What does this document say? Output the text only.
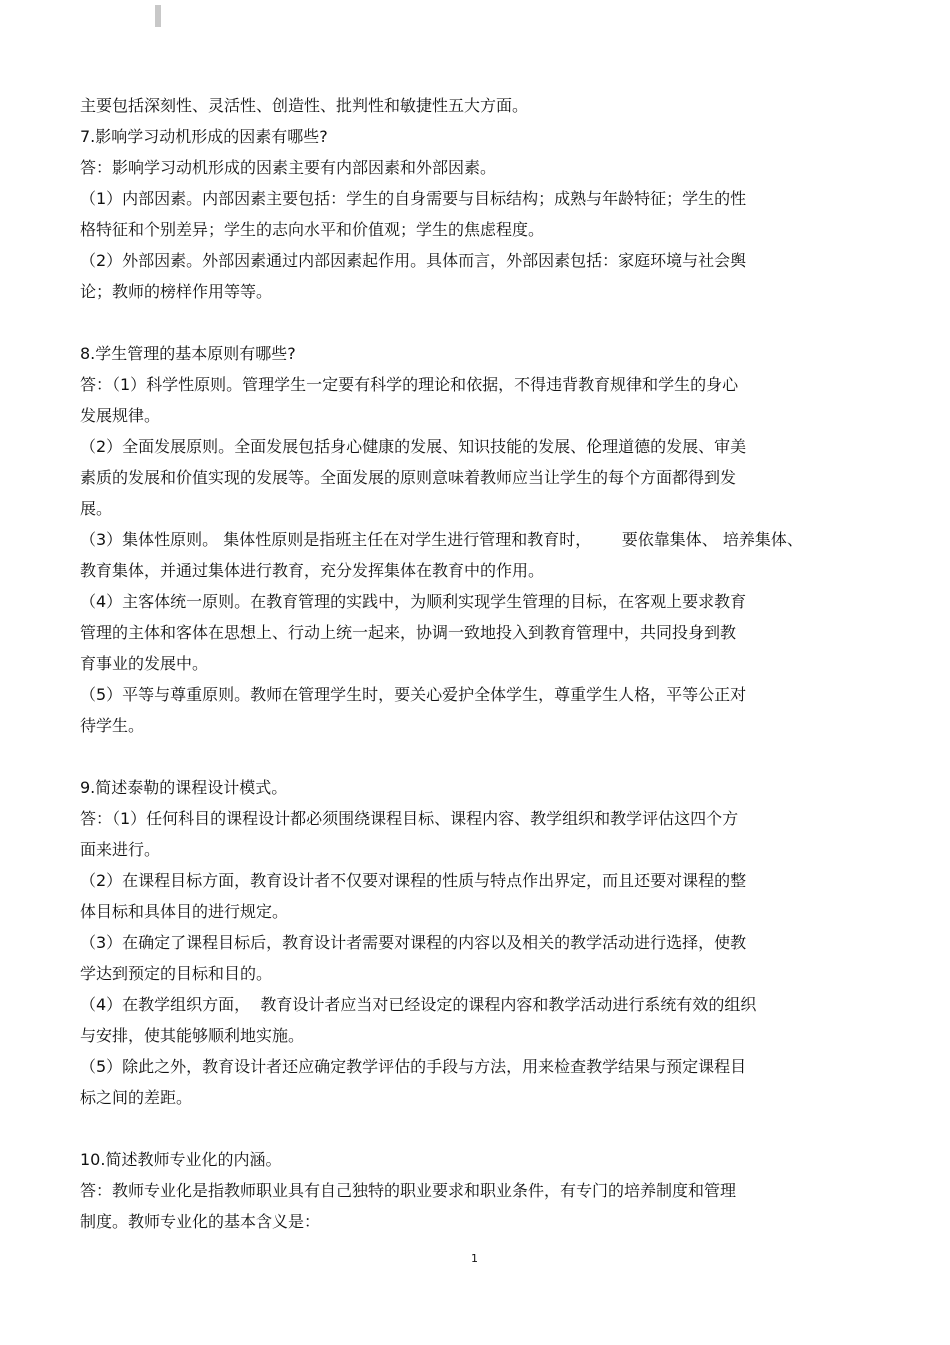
主要包括深刻性、灵活性、创造性、批判性和敏捷性五大方面。
7.影响学习动机形成的因素有哪些?
答：影响学习动机形成的因素主要有内部因素和外部因素。
（1）内部因素。内部因素主要包括：学生的自身需要与目标结构；成熟与年龄特征；学生的性
格特征和个别差异；学生的志向水平和价值观；学生的焦虑程度。
（2）外部因素。外部因素通过内部因素起作用。具体而言，外部因素包括：家庭环境与社会舆
论；教师的榜样作用等等。
8.学生管理的基本原则有哪些?
答：（1）科学性原则。管理学生一定要有科学的理论和依据，不得违背教育规律和学生的身心
发展规律。
（2）全面发展原则。全面发展包括身心健康的发展、知识技能的发展、伦理道德的发展、审美
素质的发展和价值实现的发展等。全面发展的原则意味着教师应当让学生的每个方面都得到发
展。
（3）集体性原则。 集体性原则是指班主任在对学生进行管理和教育时，      要依靠集体、 培养集体、
教育集体，并通过集体进行教育，充分发挥集体在教育中的作用。
（4）主客体统一原则。在教育管理的实践中，为顺利实现学生管理的目标，在客观上要求教育
管理的主体和客体在思想上、行动上统一起来，协调一致地投入到教育管理中，共同投身到教
育事业的发展中。
（5）平等与尊重原则。教师在管理学生时，要关心爱护全体学生，尊重学生人格，平等公正对
待学生。
9.简述泰勒的课程设计模式。
答：（1）任何科目的课程设计都必须围绕课程目标、课程内容、教学组织和教学评估这四个方
面来进行。
（2）在课程目标方面，教育设计者不仅要对课程的性质与特点作出界定，而且还要对课程的整
体目标和具体目的进行规定。
（3）在确定了课程目标后，教育设计者需要对课程的内容以及相关的教学活动进行选择，使教
学达到预定的目标和目的。
（4）在教学组织方面，  教育设计者应当对已经设定的课程内容和教学活动进行系统有效的组织
与安排，使其能够顺利地实施。
（5）除此之外，教育设计者还应确定教学评估的手段与方法，用来检查教学结果与预定课程目
标之间的差距。
10.简述教师专业化的内涵。
答：教师专业化是指教师职业具有自己独特的职业要求和职业条件，有专门的培养制度和管理
制度。教师专业化的基本含义是：
1
